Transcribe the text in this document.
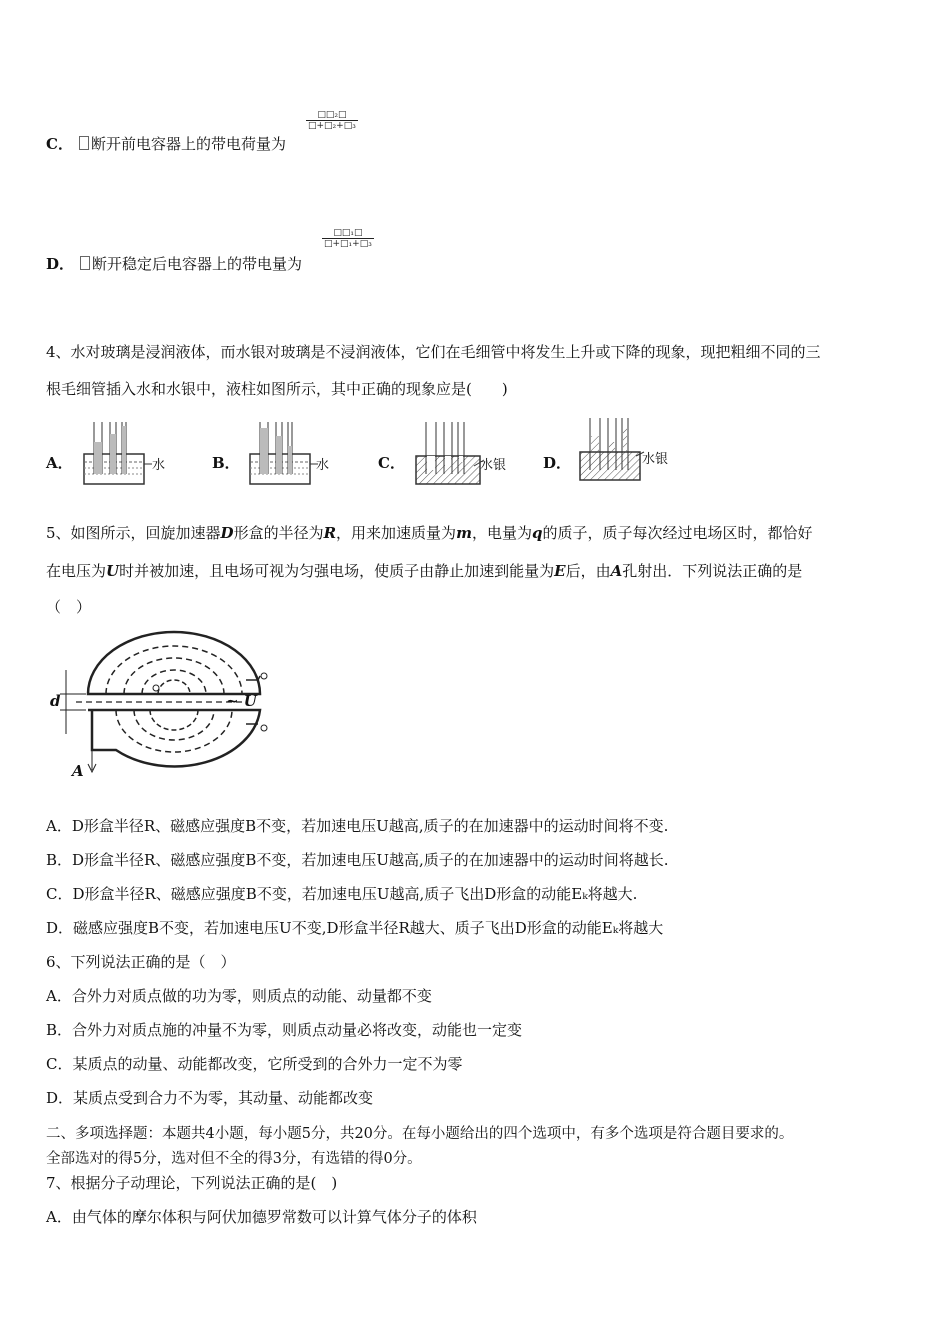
C． 断开前电容器上的带电荷量为
□□₂□
□+□₂+□₃
D． 断开稳定后电容器上的带电量为
□□₁□
□+□₁+□₃
4、水对玻璃是浸润液体，而水银对玻璃是不浸润液体，它们在毛细管中将发生上升或下降的现象，现把粗细不同的三
根毛细管插入水和水银中，液柱如图所示，其中正确的现象应是(　　)
A．	水	B．	水	C．	水银 D．	水银
5、如图所示，回旋加速器D形盒的半径为R，用来加速质量为m，电量为q的质子，质子每次经过电场区时，都恰好
在电压为U时并被加速，且电场可视为匀强电场，使质子由静止加速到能量为E后，由A孔射出．下列说法正确的是
（　）
d	~ U
A
A．D形盒半径R、磁感应强度B不变，若加速电压U越高,质子的在加速器中的运动时间将不变.
B．D形盒半径R、磁感应强度B不变，若加速电压U越高,质子的在加速器中的运动时间将越长.
C．D形盒半径R、磁感应强度B不变，若加速电压U越高,质子飞出D形盒的动能Eₖ将越大.
D．磁感应强度B不变，若加速电压U不变,D形盒半径R越大、质子飞出D形盒的动能Eₖ将越大
6、下列说法正确的是（　）
A．合外力对质点做的功为零，则质点的动能、动量都不变
B．合外力对质点施的冲量不为零，则质点动量必将改变，动能也一定变
C．某质点的动量、动能都改变，它所受到的合外力一定不为零
D．某质点受到合力不为零，其动量、动能都改变
二、多项选择题：本题共4小题，每小题5分，共20分。在每小题给出的四个选项中，有多个选项是符合题目要求的。
全部选对的得5分，选对但不全的得3分，有选错的得0分。
7、根据分子动理论，下列说法正确的是(　)
A．由气体的摩尔体积与阿伏加德罗常数可以计算气体分子的体积
